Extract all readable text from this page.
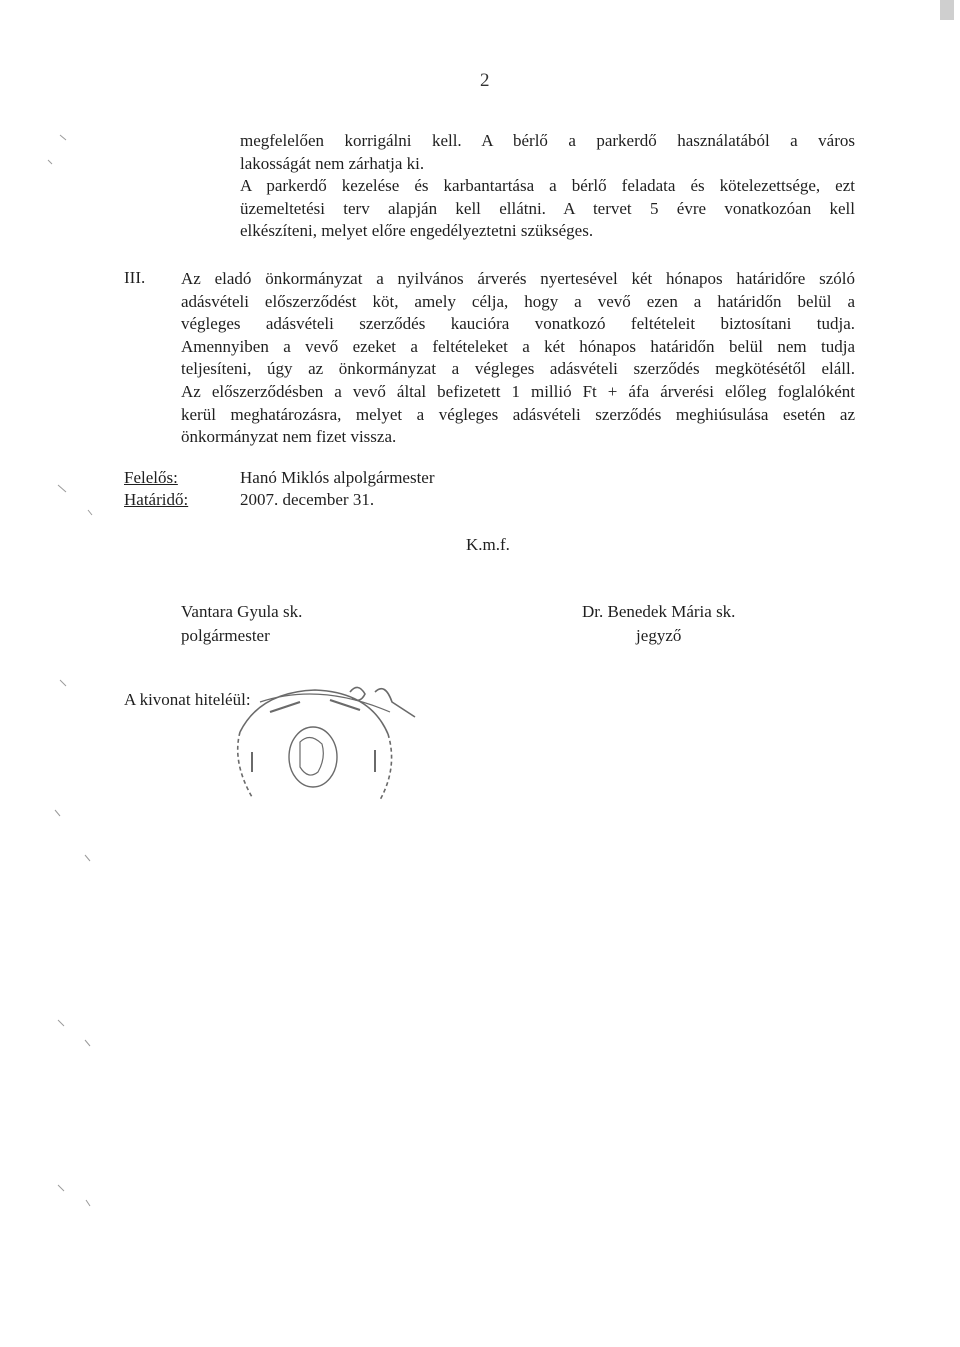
2
megfelelően korrigálni kell. A bérlő a parkerdő használatából a város
lakosságát nem zárhatja ki.
A parkerdő kezelése és karbantartása a bérlő feladata és kötelezettsége, ezt
üzemeltetési terv alapján kell ellátni. A tervet 5 évre vonatkozóan kell
elkészíteni, melyet előre engedélyeztetni szükséges.
III. Az eladó önkormányzat a nyilvános árverés nyertesével két hónapos határidőre szóló
adásvételi előszerződést köt, amely célja, hogy a vevő ezen a határidőn belül a
végleges adásvételi szerződés kaucióra vonatkozó feltételeit biztosítani tudja.
Amennyiben a vevő ezeket a feltételeket a két hónapos határidőn belül nem tudja
teljesíteni, úgy az önkormányzat a végleges adásvételi szerződés megkötésétől eláll.
Az előszerződésben a vevő által befizetett 1 millió Ft + áfa árverési előleg foglalóként
kerül meghatározásra, melyet a végleges adásvételi szerződés meghiúsulása esetén az
önkormányzat nem fizet vissza.
Felelős:	Hanó Miklós alpolgármester
Határidő:	2007. december 31.
K.m.f.
Vantara Gyula sk.
polgármester
Dr. Benedek Mária sk.
jegyző
A kivonat hiteléül:
